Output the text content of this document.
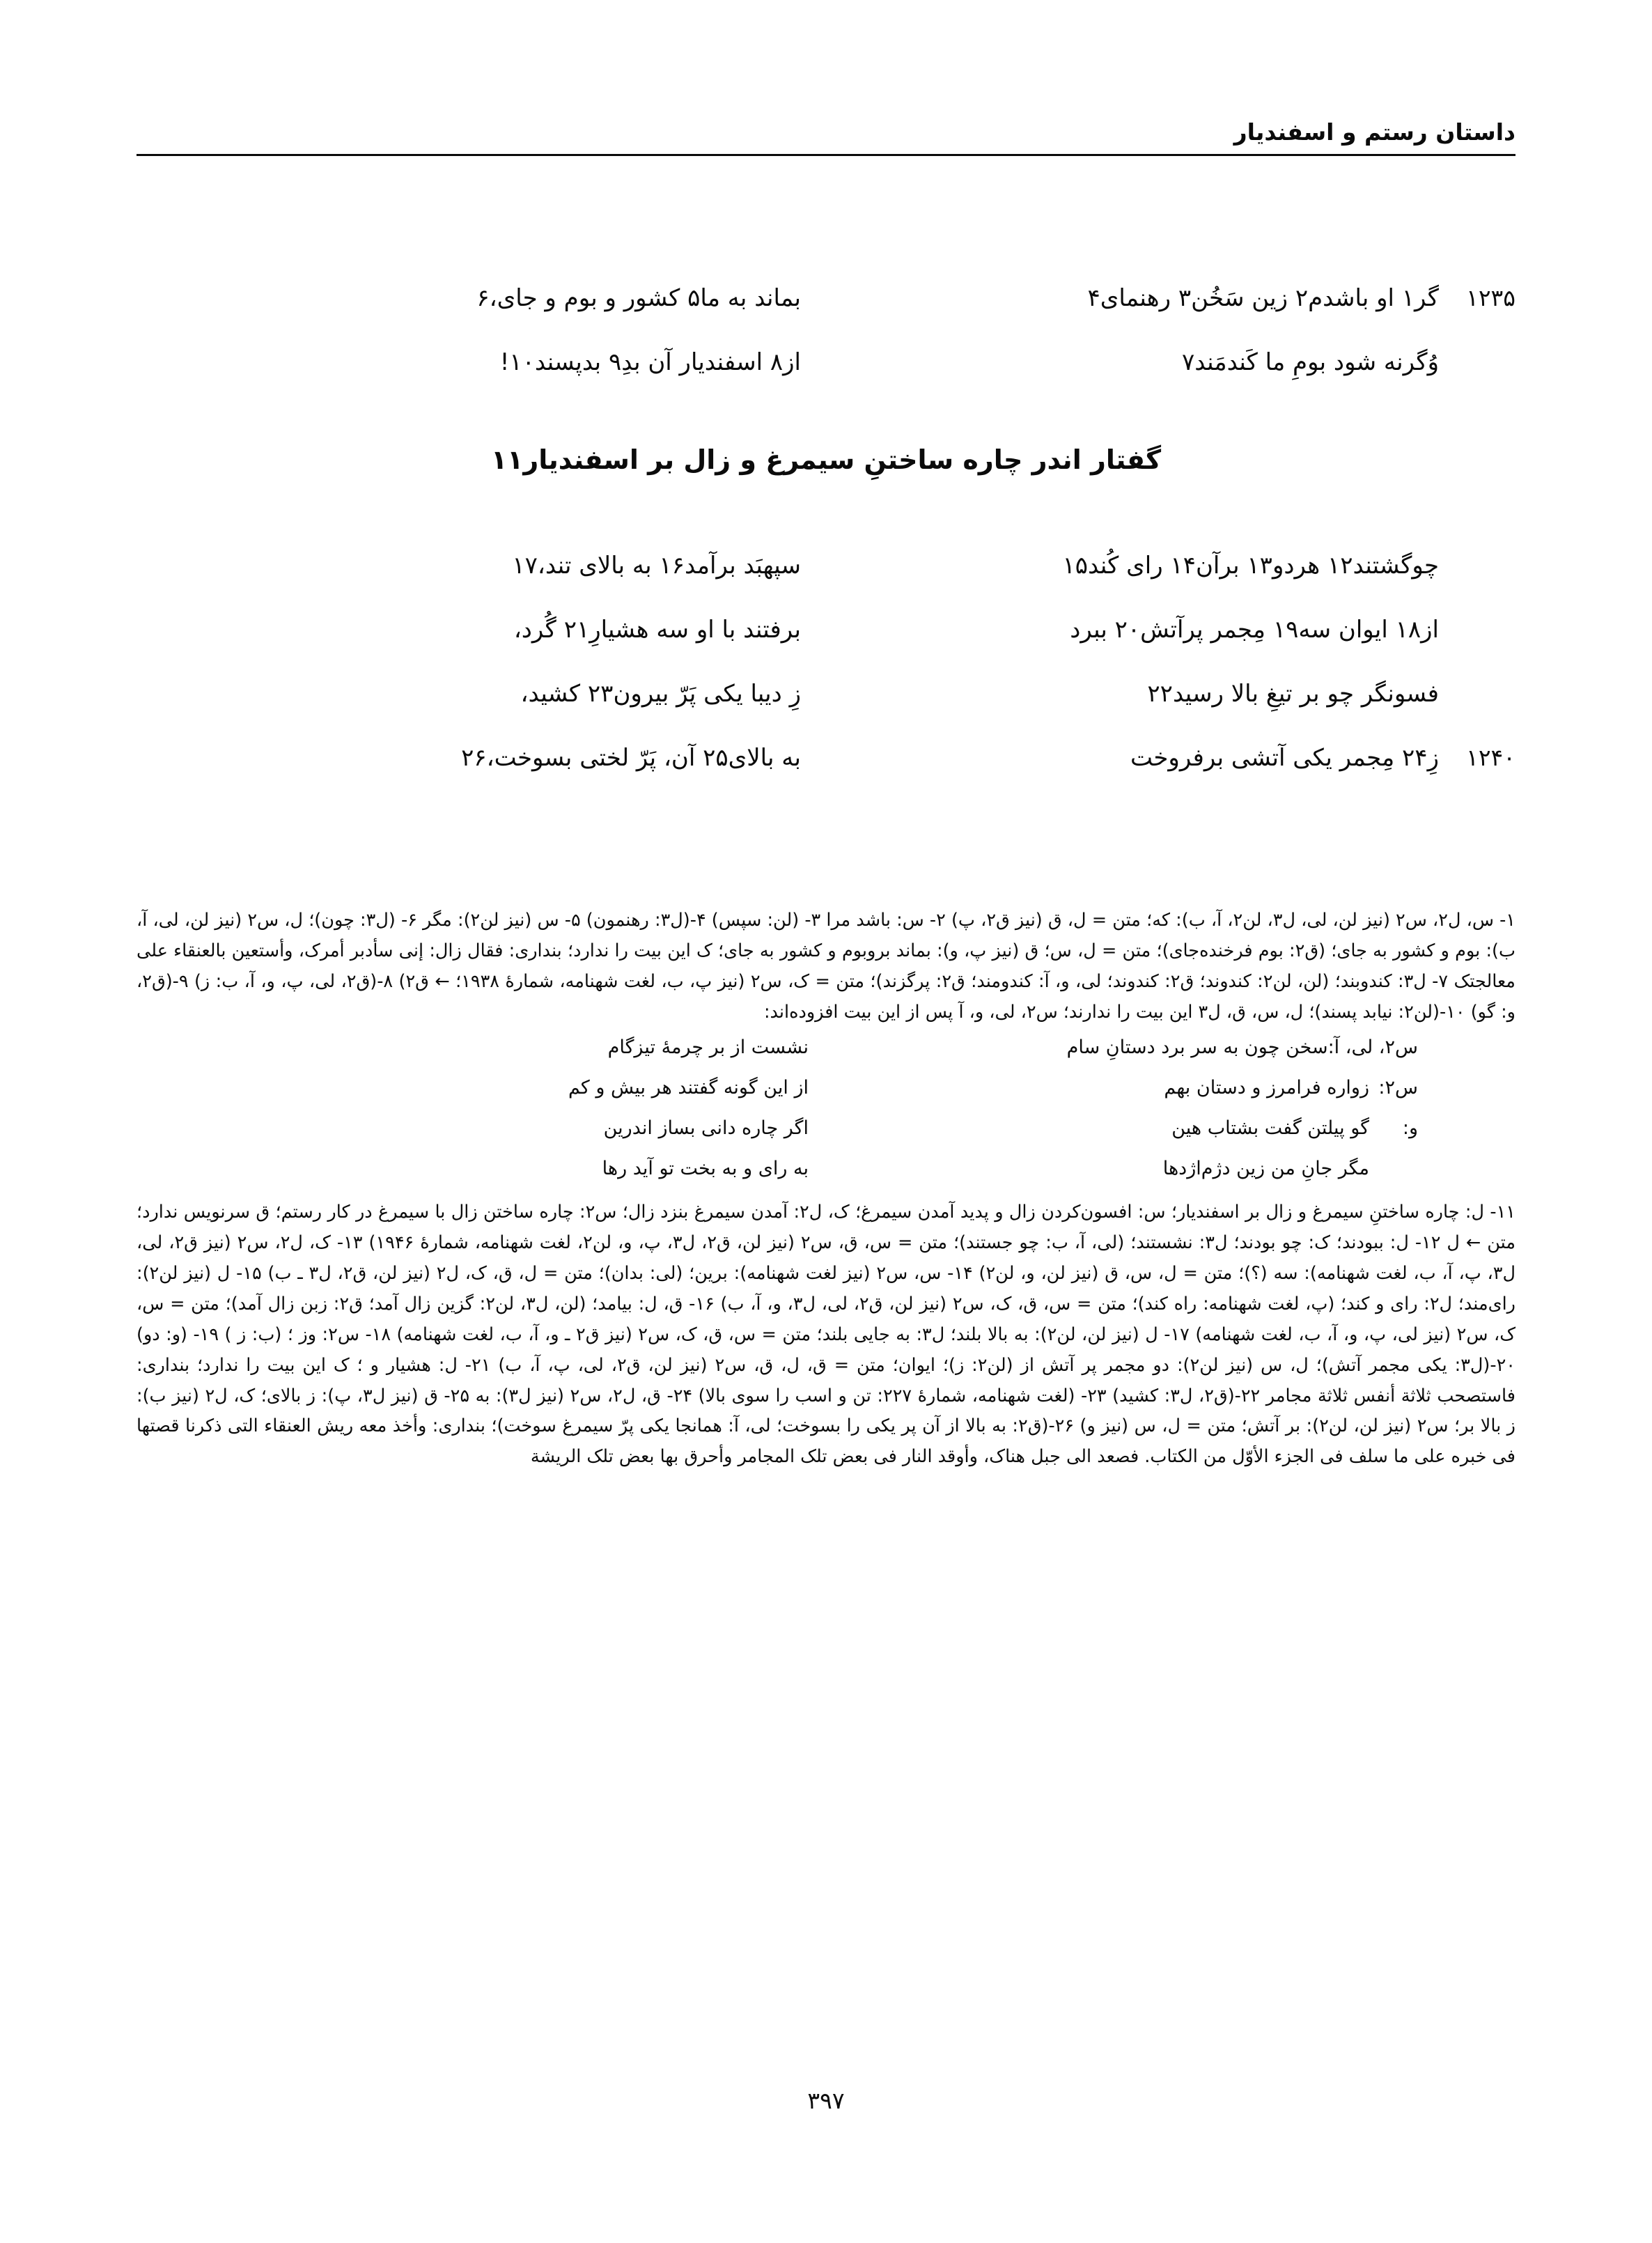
داستان رستم و اسفندیار
۱۲۳۵گر۱ او باشدم۲ زین سَخُن۳ رهنمای۴
بماند به ما۵ کشور و بوم و جای،۶
وُگرنه شود بومِ ما کَندمَند۷
از۸ اسفندیار آن بدِ۹ بدپسند۱۰!
گفتار اندر چاره ساختنِ سیمرغ و زال بر اسفندیار۱۱
چوگشتند۱۲ هردو۱۳ برآن۱۴ رای کُند۱۵
سپهبَد برآمد۱۶ به بالای تند،۱۷
از۱۸ ایوان سه۱۹ مِجمر پرآتش۲۰ ببرد
برفتند با او سه هشیارِ۲۱ گُرد،
فسونگر چو بر تیغِ بالا رسید۲۲
زِ دیبا یکی پَرّ بیرون۲۳ کشید،
۱۲۴۰زِ۲۴ مِجمر یکی آتشی برفروخت
به بالای۲۵ آن، پَرّ لختی بسوخت،۲۶

۱- س، ل۲، س۲ (نیز لن، لی، ل۳، لن۲، آ، ب): که؛ متن = ل، ق (نیز ق۲، پ) ۲- س: باشد مرا ۳- (لن: سپس) ۴-(ل۳: رهنمون) ۵- س (نیز لن۲): مگر ۶- (ل۳: چون)؛ ل، س۲ (نیز لن، لی، آ، ب): بوم و کشور به جای؛ (ق۲: بوم فرخنده‌جای)؛ متن = ل، س؛ ق (نیز پ، و): بماند بروبوم و کشور به جای؛ ک این بیت را ندارد؛ بنداری: فقال زال: إنی سأدبر أمرک، وأستعین بالعنقاء علی معالجتک ۷- ل۳: کندوبند؛ (لن، لن۲: کندوند؛ ق۲: کندوند؛ لی، و، آ: کندومند؛ ق۲: پرگزند)؛ متن = ک، س۲ (نیز پ، ب، لغت شهنامه، شمارهٔ ۱۹۳۸؛ ← ق۲) ۸-(ق۲، لی، پ، و، آ، ب: ز) ۹-(ق۲، و: گو) ۱۰-(لن۲: نیابد پسند)؛ ل، س، ق، ل۳ این بیت را ندارند؛ س۲، لی، و، آ پس از این بیت افزوده‌اند:

س۲، لی، آ:سخن چون به سر برد دستانِ سام
نشست از بر چرمهٔ تیزگام
س۲:زواره فرامرز و دستان بهم
از این گونه گفتند هر بیش و کم
و:گو پیلتن گفت بشتاب هین
اگر چاره دانی بساز اندرین
مگر جانِ من زین دژم‌اژدها
به رای و به بخت تو آید رها

۱۱- ل: چاره ساختنِ سیمرغ و زال بر اسفندیار؛ س: افسون‌کردن زال و پدید آمدن سیمرغ؛ ک، ل۲: آمدن سیمرغ بنزد زال؛ س۲: چاره ساختن زال با سیمرغ در کار رستم؛ ق سرنویس ندارد؛ متن ← ل ۱۲- ل: ببودند؛ ک: چو بودند؛ ل۳: نشستند؛ (لی، آ، ب: چو جستند)؛ متن = س، ق، س۲ (نیز لن، ق۲، ل۳، پ، و، لن۲، لغت شهنامه، شمارهٔ ۱۹۴۶) ۱۳- ک، ل۲، س۲ (نیز ق۲، لی، ل۳، پ، آ، ب، لغت شهنامه): سه (؟)؛ متن = ل، س، ق (نیز لن، و، لن۲) ۱۴- س، س۲ (نیز لغت شهنامه): برین؛ (لی: بدان)؛ متن = ل، ق، ک، ل۲ (نیز لن، ق۲، ل۳ ـ ب) ۱۵- ل (نیز لن۲): رای‌مند؛ ل۲: رای و کند؛ (پ، لغت شهنامه: راه کند)؛ متن = س، ق، ک، س۲ (نیز لن، ق۲، لی، ل۳، و، آ، ب) ۱۶- ق، ل: بیامد؛ (لن، ل۳، لن۲: گزین زال آمد؛ ق۲: زبن زال آمد)؛ متن = س، ک، س۲ (نیز لی، پ، و، آ، ب، لغت شهنامه) ۱۷- ل (نیز لن، لن۲): به بالا بلند؛ ل۳: به جایی بلند؛ متن = س، ق، ک، س۲ (نیز ق۲ ـ و، آ، ب، لغت شهنامه) ۱۸- س۲: وز ؛ (ب: ز ) ۱۹- (و: دو) ۲۰-(ل۳: یکی مجمر آتش)؛ ل، س (نیز لن۲): دو مجمر پر آتش از (لن۲: ز)؛ ایوان؛ متن = ق، ل، ق، س۲ (نیز لن، ق۲، لی، پ، آ، ب) ۲۱- ل: هشیار و ؛ ک این بیت را ندارد؛ بنداری: فاستصحب ثلاثة أنفس ثلاثة مجامر ۲۲-(ق۲، ل۳: کشید) ۲۳- (لغت شهنامه، شمارهٔ ۲۲۷: تن و اسب را سوی بالا) ۲۴- ق، ل۲، س۲ (نیز ل۳): به ۲۵- ق (نیز ل۳، پ): ز بالای؛ ک، ل۲ (نیز ب): ز بالا بر؛ س۲ (نیز لن، لن۲): بر آتش؛ متن = ل، س (نیز و) ۲۶-(ق۲: به بالا از آن پر یکی را بسوخت؛ لی، آ: همانجا یکی پرّ سیمرغ سوخت)؛ بنداری: وأخذ معه ریش العنقاء التی ذکرنا قصتها فی خبره علی ما سلف فی الجزء الأوّل من الکتاب. فصعد الی جبل هناک، وأوقد النار فی بعض تلک المجامر وأحرق بها بعض تلک الریشة

۳۹۷
